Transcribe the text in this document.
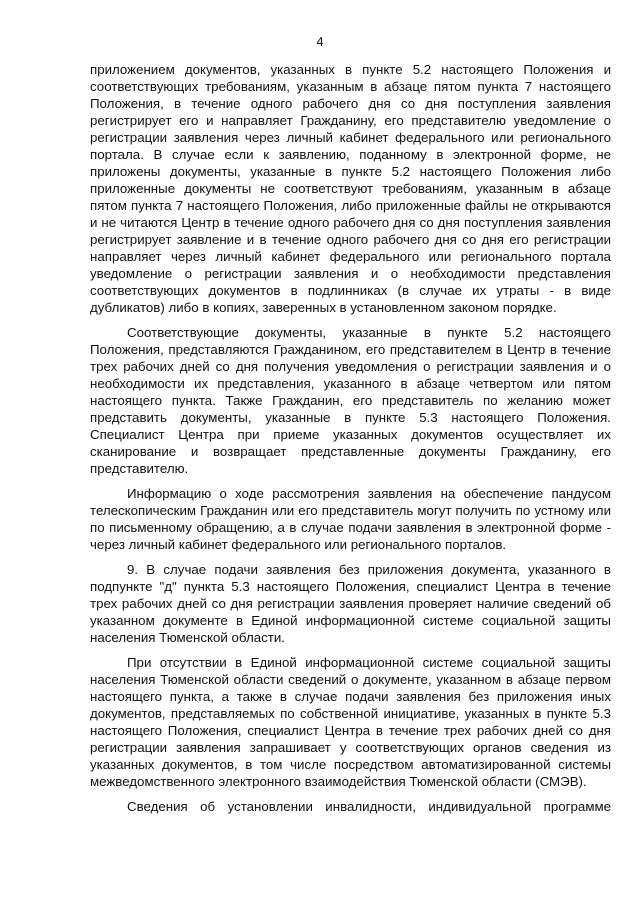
4

приложением документов, указанных в пункте 5.2 настоящего Положения и соответствующих требованиям, указанным в абзаце пятом пункта 7 настоящего Положения, в течение одного рабочего дня со дня поступления заявления регистрирует его и направляет Гражданину, его представителю уведомление о регистрации заявления через личный кабинет федерального или регионального портала. В случае если к заявлению, поданному в электронной форме, не приложены документы, указанные в пункте 5.2 настоящего Положения либо приложенные документы не соответствуют требованиям, указанным в абзаце пятом пункта 7 настоящего Положения, либо приложенные файлы не открываются и не читаются Центр в течение одного рабочего дня со дня поступления заявления регистрирует заявление и в течение одного рабочего дня со дня его регистрации направляет через личный кабинет федерального или регионального портала уведомление о регистрации заявления и о необходимости представления соответствующих документов в подлинниках (в случае их утраты - в виде дубликатов) либо в копиях, заверенных в установленном законом порядке.

Соответствующие документы, указанные в пункте 5.2 настоящего Положения, представляются Гражданином, его представителем в Центр в течение трех рабочих дней со дня получения уведомления о регистрации заявления и о необходимости их представления, указанного в абзаце четвертом или пятом настоящего пункта. Также Гражданин, его представитель по желанию может представить документы, указанные в пункте 5.3 настоящего Положения. Специалист Центра при приеме указанных документов осуществляет их сканирование и возвращает представленные документы Гражданину, его представителю.

Информацию о ходе рассмотрения заявления на обеспечение пандусом телескопическим Гражданин или его представитель могут получить по устному или по письменному обращению, а в случае подачи заявления в электронной форме - через личный кабинет федерального или регионального порталов.

9. В случае подачи заявления без приложения документа, указанного в подпункте "д" пункта 5.3 настоящего Положения, специалист Центра в течение трех рабочих дней со дня регистрации заявления проверяет наличие сведений об указанном документе в Единой информационной системе социальной защиты населения Тюменской области.

При отсутствии в Единой информационной системе социальной защиты населения Тюменской области сведений о документе, указанном в абзаце первом настоящего пункта, а также в случае подачи заявления без приложения иных документов, представляемых по собственной инициативе, указанных в пункте 5.3 настоящего Положения, специалист Центра в течение трех рабочих дней со дня регистрации заявления запрашивает у соответствующих органов сведения из указанных документов, в том числе посредством автоматизированной системы межведомственного электронного взаимодействия Тюменской области (СМЭВ).

Сведения об установлении инвалидности, индивидуальной программе
